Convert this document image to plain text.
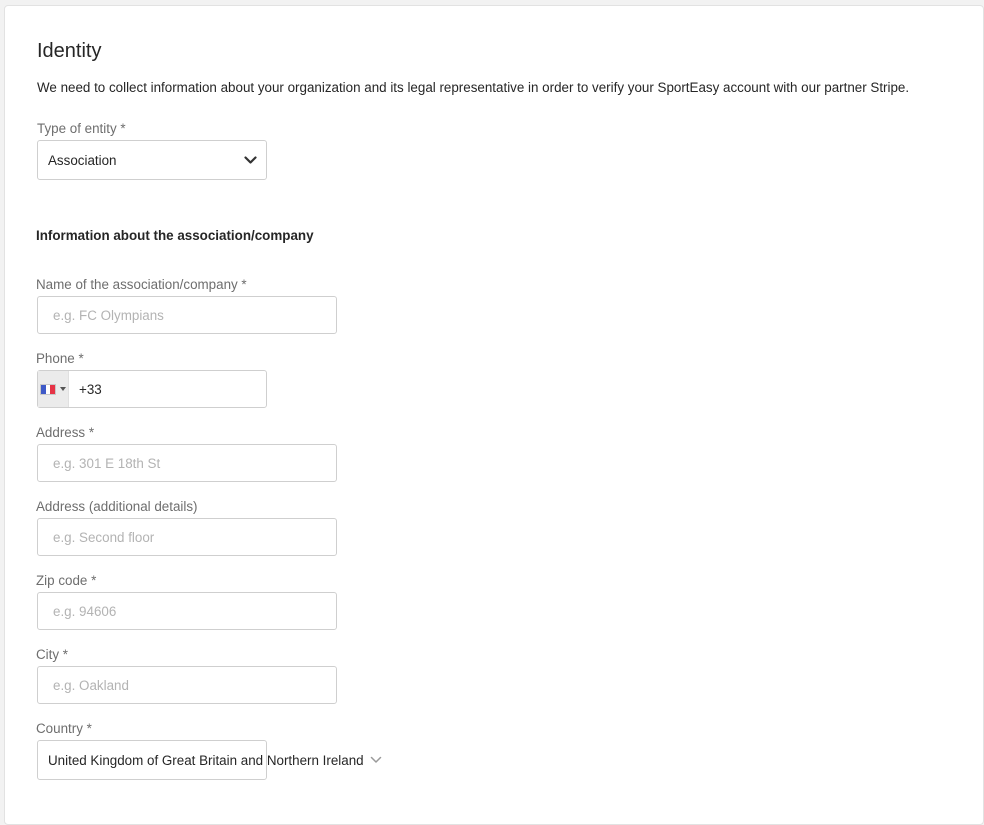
Identity
We need to collect information about your organization and its legal representative in order to verify your SportEasy account with our partner Stripe.
Type of entity *
Association
Information about the association/company
Name of the association/company *
e.g. FC Olympians
Phone *
+33
Address *
e.g. 301 E 18th St
Address (additional details)
e.g. Second floor
Zip code *
e.g. 94606
City *
e.g. Oakland
Country *
United Kingdom of Great Britain and Northern Ireland
